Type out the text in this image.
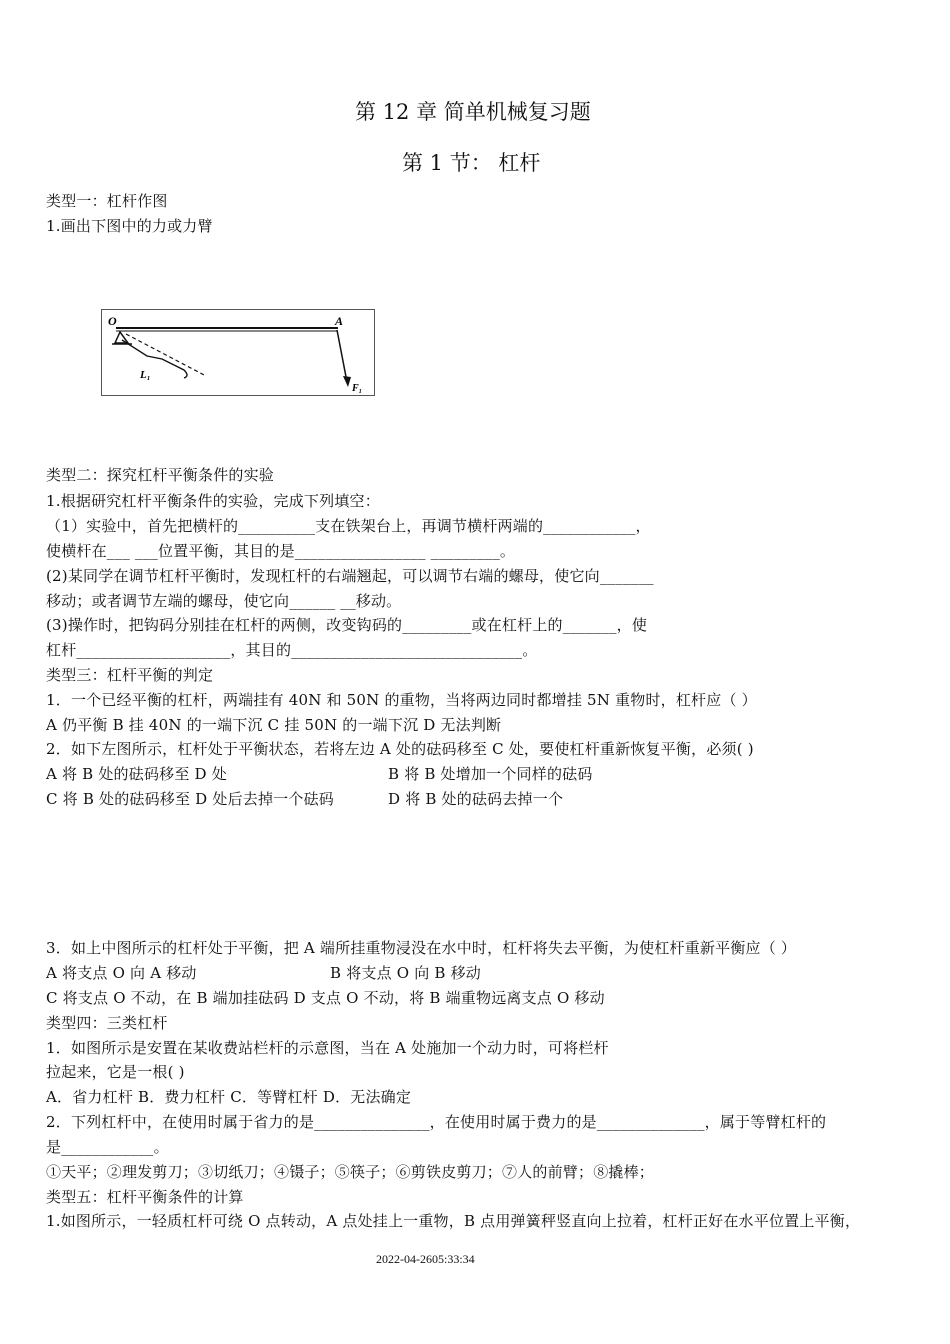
第 12 章 简单机械复习题
第 1 节： 杠杆
类型一：杠杆作图
1.画出下图中的力或力臂
O	A
L₁
F₁
类型二：探究杠杆平衡条件的实验
1.根据研究杠杆平衡条件的实验，完成下列填空：
（1）实验中，首先把横杆的__________支在铁架台上，再调节横杆两端的____________，
使横杆在___ ___位置平衡，其目的是_________________ _________。
(2)某同学在调节杠杆平衡时，发现杠杆的右端翘起，可以调节右端的螺母，使它向_______
移动；或者调节左端的螺母，使它向______ __移动。
(3)操作时，把钩码分别挂在杠杆的两侧，改变钩码的_________或在杠杆上的_______，使
杠杆____________________，其目的______________________________。
类型三：杠杆平衡的判定
1．一个已经平衡的杠杆，两端挂有 40N 和 50N 的重物，当将两边同时都增挂 5N 重物时，杠杆应（ ）
A 仍平衡 B 挂 40N 的一端下沉 C 挂 50N 的一端下沉 D 无法判断
2．如下左图所示，杠杆处于平衡状态，若将左边 A 处的砝码移至 C 处，要使杠杆重新恢复平衡，必须( )
A 将 B 处的砝码移至 D 处	B 将 B 处增加一个同样的砝码
C 将 B 处的砝码移至 D 处后去掉一个砝码	D 将 B 处的砝码去掉一个
3．如上中图所示的杠杆处于平衡，把 A 端所挂重物浸没在水中时，杠杆将失去平衡，为使杠杆重新平衡应（ ）
A 将支点 O 向 A 移动	B 将支点 O 向 B 移动
C 将支点 O 不动，在 B 端加挂砝码 D 支点 O 不动，将 B 端重物远离支点 O 移动
类型四：三类杠杆
1．如图所示是安置在某收费站栏杆的示意图，当在 A 处施加一个动力时，可将栏杆
拉起来，它是一根( )
A．省力杠杆 B．费力杠杆 C．等臂杠杆 D．无法确定
2．下列杠杆中，在使用时属于省力的是_______________，在使用时属于费力的是______________，属于等臂杠杆的
是____________。
①天平；②理发剪刀；③切纸刀；④镊子；⑤筷子；⑥剪铁皮剪刀；⑦人的前臂；⑧撬棒；
类型五：杠杆平衡条件的计算
1.如图所示，一轻质杠杆可绕 O 点转动，A 点处挂上一重物，B 点用弹簧秤竖直向上拉着，杠杆正好在水平位置上平衡，
2022-04-2605:33:34
